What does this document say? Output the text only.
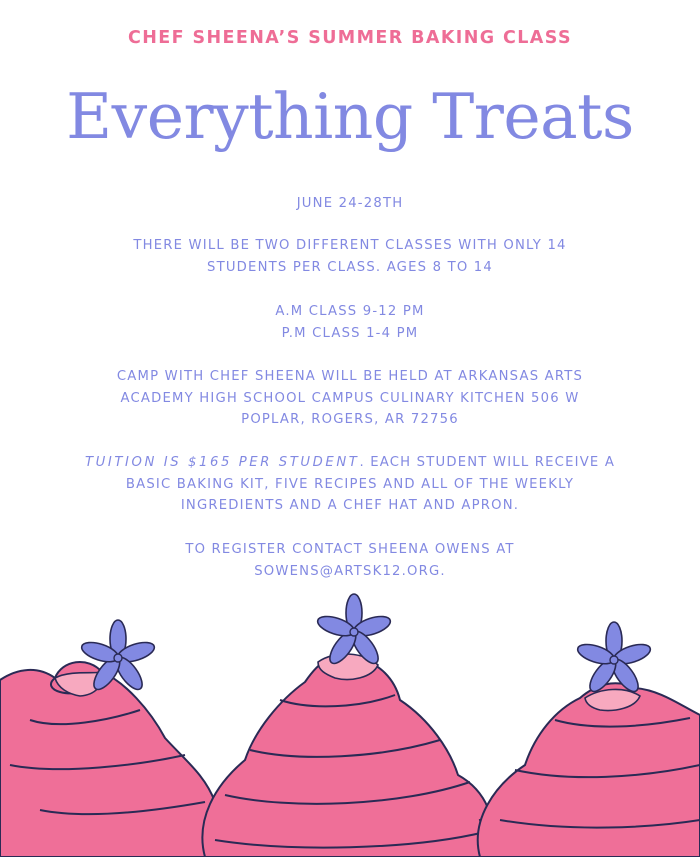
CHEF SHEENA’S SUMMER BAKING CLASS
Everything Treats
JUNE 24-28TH
THERE WILL BE TWO DIFFERENT CLASSES WITH ONLY 14
STUDENTS PER CLASS. AGES 8 TO 14
A.M CLASS 9-12 PM
P.M CLASS 1-4 PM
CAMP WITH CHEF SHEENA WILL BE HELD AT ARKANSAS ARTS
ACADEMY HIGH SCHOOL CAMPUS CULINARY KITCHEN 506 W
POPLAR, ROGERS, AR 72756
TUITION IS $165 PER STUDENT. EACH STUDENT WILL RECEIVE A
BASIC BAKING KIT, FIVE RECIPES AND ALL OF THE WEEKLY
INGREDIENTS AND A CHEF HAT AND APRON.
TO REGISTER CONTACT SHEENA OWENS AT
SOWENS@ARTSK12.ORG.
